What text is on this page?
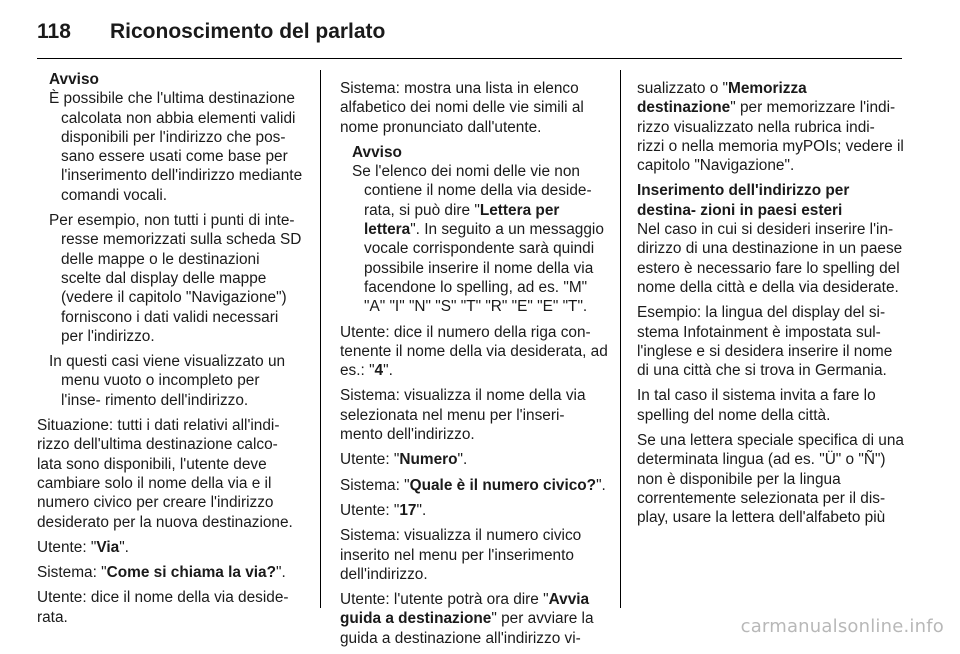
118 Riconoscimento del parlato
Avviso

È possibile che l'ultima destinazione calcolata non abbia elementi validi disponibili per l'indirizzo che pos‐ sano essere usati come base per l'inserimento dell'indirizzo mediante comandi vocali.

Per esempio, non tutti i punti di inte‐ resse memorizzati sulla scheda SD delle mappe o le destinazioni scelte dal display delle mappe (vedere il capitolo "Navigazione") forniscono i dati validi necessari per l'indirizzo.

In questi casi viene visualizzato un menu vuoto o incompleto per l'inse‐ rimento dell'indirizzo.

Situazione: tutti i dati relativi all'indi‐ rizzo dell'ultima destinazione calco‐ lata sono disponibili, l'utente deve cambiare solo il nome della via e il numero civico per creare l'indirizzo desiderato per la nuova destinazione.

Utente: "Via".

Sistema: "Come si chiama la via?".

Utente: dice il nome della via deside‐ rata.

Sistema: mostra una lista in elenco alfabetico dei nomi delle vie simili al nome pronunciato dall'utente.

Avviso

Se l'elenco dei nomi delle vie non contiene il nome della via deside‐ rata, si può dire "Lettera per lettera". In seguito a un messaggio vocale corrispondente sarà quindi possibile inserire il nome della via facendone lo spelling, ad es. "M" "A" "I" "N" "S" "T" "R" "E" "E" "T".

Utente: dice il numero della riga con‐ tenente il nome della via desiderata, ad es.: "4".

Sistema: visualizza il nome della via selezionata nel menu per l'inseri‐ mento dell'indirizzo.

Utente: "Numero".

Sistema: "Quale è il numero civico?".

Utente: "17".

Sistema: visualizza il numero civico inserito nel menu per l'inserimento dell'indirizzo.

Utente: l'utente potrà ora dire "Avvia guida a destinazione" per avviare la guida a destinazione all'indirizzo vi‐

sualizzato o "Memorizza destinazione" per memorizzare l'indi‐ rizzo visualizzato nella rubrica indi‐ rizzi o nella memoria myPOIs; vedere il capitolo "Navigazione".

Inserimento dell'indirizzo per destina‐ zioni in paesi esteri

Nel caso in cui si desideri inserire l'in‐ dirizzo di una destinazione in un paese estero è necessario fare lo spelling del nome della città e della via desiderate.

Esempio: la lingua del display del si‐ stema Infotainment è impostata sul‐ l'inglese e si desidera inserire il nome di una città che si trova in Germania.

In tal caso il sistema invita a fare lo spelling del nome della città.

Se una lettera speciale specifica di una determinata lingua (ad es. "Ü" o "Ñ") non è disponibile per la lingua correntemente selezionata per il dis‐ play, usare la lettera dell'alfabeto più

carmanualsonline.info
